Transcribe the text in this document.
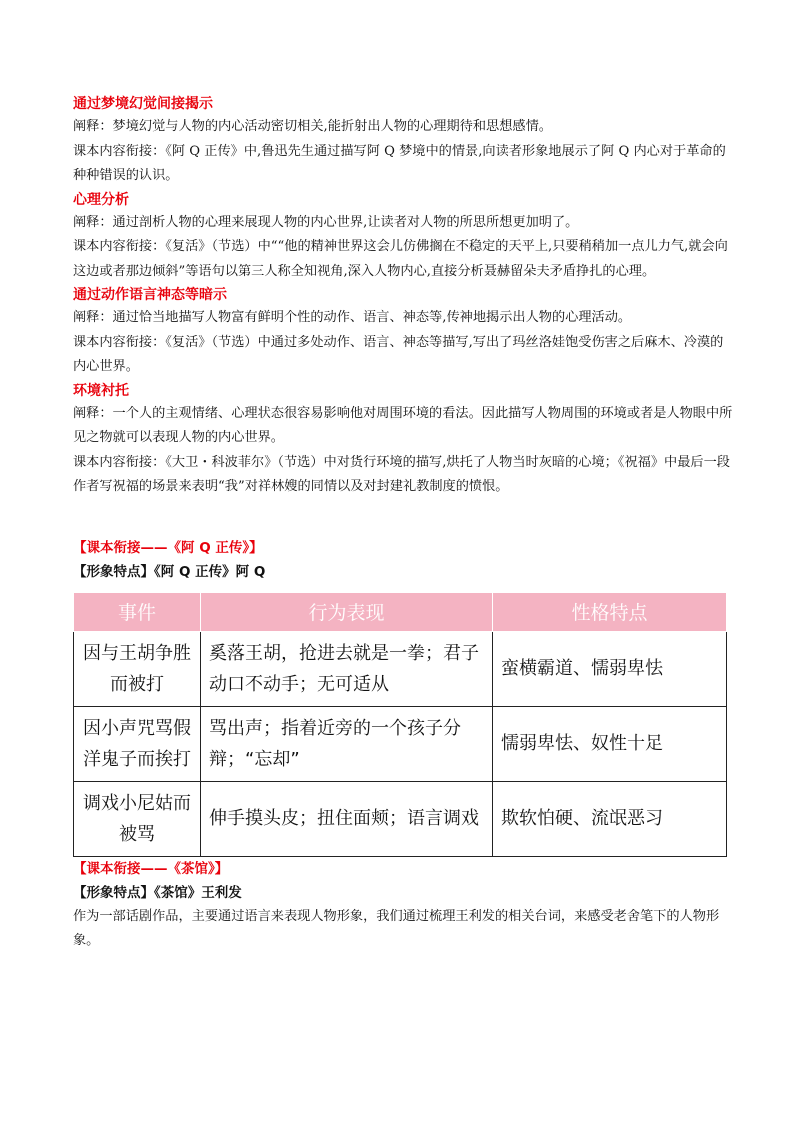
通过梦境幻觉间接揭示

阐释：梦境幻觉与人物的内心活动密切相关,能折射出人物的心理期待和思想感情。

课本内容衔接：《阿 Q 正传》中,鲁迅先生通过描写阿 Q 梦境中的情景,向读者形象地展示了阿 Q 内心对于革命的种种错误的认识。

心理分析

阐释：通过剖析人物的心理来展现人物的内心世界,让读者对人物的所思所想更加明了。

课本内容衔接：《复活》（节选）中““他的精神世界这会儿仿佛搁在不稳定的天平上,只要稍稍加一点儿力气,就会向这边或者那边倾斜”等语句以第三人称全知视角,深入人物内心,直接分析聂赫留朵夫矛盾挣扎的心理。

通过动作语言神态等暗示

阐释：通过恰当地描写人物富有鲜明个性的动作、语言、神态等,传神地揭示出人物的心理活动。

课本内容衔接：《复活》（节选）中通过多处动作、语言、神态等描写,写出了玛丝洛娃饱受伤害之后麻木、冷漠的内心世界。

环境衬托

阐释：一个人的主观情绪、心理状态很容易影响他对周围环境的看法。因此描写人物周围的环境或者是人物眼中所见之物就可以表现人物的内心世界。

课本内容衔接：《大卫・科波菲尔》（节选）中对货行环境的描写,烘托了人物当时灰暗的心境；《祝福》中最后一段作者写祝福的场景来表明“我”对祥林嫂的同情以及对封建礼教制度的愤恨。

【课本衔接——《阿 Q 正传》】

【形象特点】《阿 Q 正传》阿 Q

事件	行为表现	性格特点
因与王胡争胜而被打	奚落王胡，抢进去就是一拳；君子动口不动手；无可适从	蛮横霸道、懦弱卑怯
因小声咒骂假洋鬼子而挨打	骂出声；指着近旁的一个孩子分辩；“忘却”	懦弱卑怯、奴性十足
调戏小尼姑而被骂	伸手摸头皮；扭住面颊；语言调戏	欺软怕硬、流氓恶习

【课本衔接——《茶馆》】

【形象特点】《茶馆》王利发

作为一部话剧作品，主要通过语言来表现人物形象，我们通过梳理王利发的相关台词，来感受老舍笔下的人物形象。
